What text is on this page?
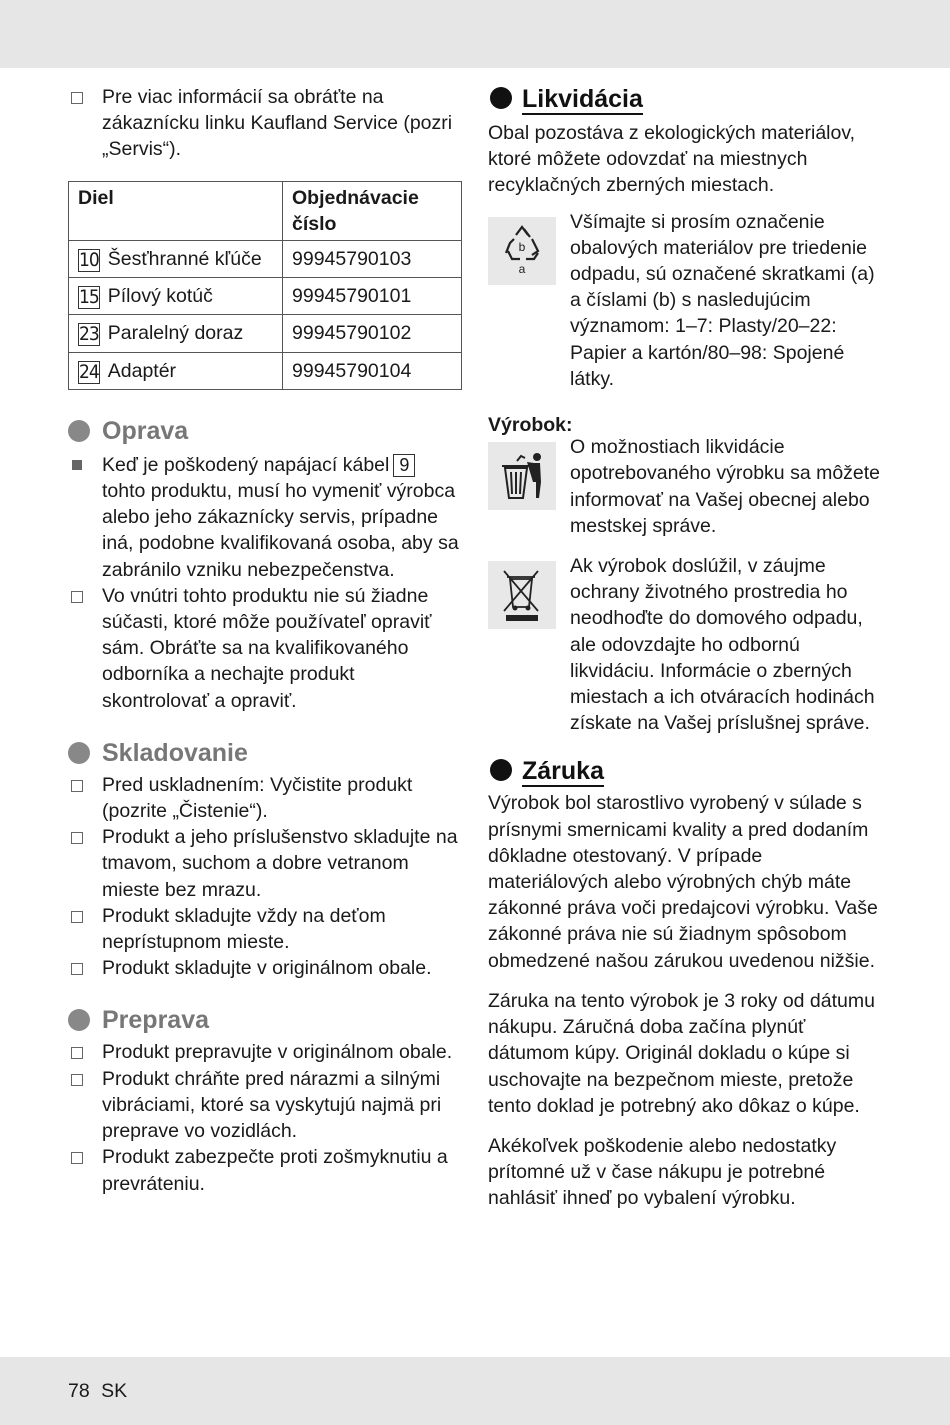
Pre viac informácií sa obráťte na zákaznícku linku Kaufland Service (pozri „Servis“).
Diel	Objednávacie číslo

10 Šesťhranné kľúče	99945790103

15 Pílový kotúč	99945790101

23 Paralelný doraz	99945790102

24 Adaptér	99945790104
Oprava
Keď je poškodený napájací kábel 9 tohto produktu, musí ho vymeniť výrobca alebo jeho zákaznícky servis, prípadne iná, podobne kvalifikovaná osoba, aby sa zabránilo vzniku nebezpečenstva.
Vo vnútri tohto produktu nie sú žiadne súčasti, ktoré môže používateľ opraviť sám. Obráťte sa na kvalifikovaného odborníka a nechajte produkt skontrolovať a opraviť.
Skladovanie
Pred uskladnením: Vyčistite produkt (pozrite „Čistenie“).
Produkt a jeho príslušenstvo skladujte na tmavom, suchom a dobre vetranom mieste bez mrazu.
Produkt skladujte vždy na deťom neprístupnom mieste.
Produkt skladujte v originálnom obale.
Preprava
Produkt prepravujte v originálnom obale.
Produkt chráňte pred nárazmi a silnými vibráciami, ktoré sa vyskytujú najmä pri preprave vo vozidlách.
Produkt zabezpečte proti zošmyknutiu a prevráteniu.
Likvidácia

Obal pozostáva z ekologických materiálov, ktoré môžete odovzdať na miestnych recyklačných zberných miestach.

b
a

Všímajte si prosím označenie obalových materiálov pre triedenie odpadu, sú označené skratkami (a) a číslami (b) s nasledujúcim významom: 1–7: Plasty/20–22: Papier a kartón/80–98: Spojené látky.

Výrobok:

O možnostiach likvidácie opotrebovaného výrobku sa môžete informovať na Vašej obecnej alebo mestskej správe.

Ak výrobok doslúžil, v záujme ochrany životného prostredia ho neodhoďte do domového odpadu, ale odovzdajte ho odbornú likvidáciu. Informácie o zberných miestach a ich otváracích hodinách získate na Vašej príslušnej správe.

Záruka

Výrobok bol starostlivo vyrobený v súlade s prísnymi smernicami kvality a pred dodaním dôkladne otestovaný. V prípade materiálových alebo výrobných chýb máte zákonné práva voči predajcovi výrobku. Vaše zákonné práva nie sú žiadnym spôsobom obmedzené našou zárukou uvedenou nižšie.

Záruka na tento výrobok je 3 roky od dátumu nákupu. Záručná doba začína plynúť dátumom kúpy. Originál dokladu o kúpe si uschovajte na bezpečnom mieste, pretože tento doklad je potrebný ako dôkaz o kúpe.

Akékoľvek poškodenie alebo nedostatky prítomné už v čase nákupu je potrebné nahlásiť ihneď po vybalení výrobku.

78 SK
